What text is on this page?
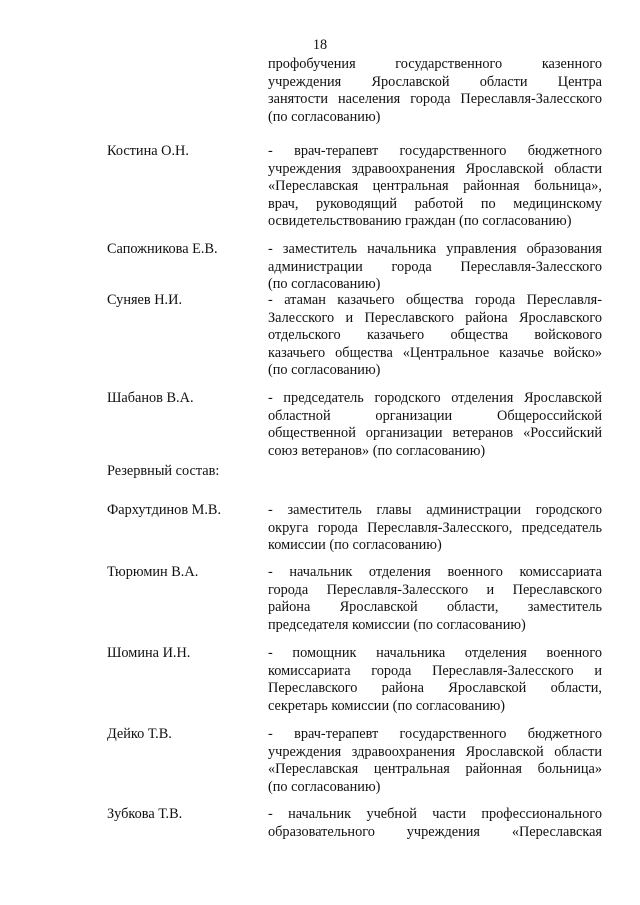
18
профобучения государственного казенного
учреждения Ярославской области Центра
занятости населения города Переславля-Залесского
(по согласованию)
Костина О.Н.	- врач-терапевт государственного бюджетного
учреждения здравоохранения Ярославской области
«Переславская центральная районная больница»,
врач, руководящий работой по медицинскому
освидетельствованию граждан (по согласованию)
Сапожникова Е.В.	- заместитель начальника управления образования
администрации города Переславля-Залесского
(по согласованию)
Суняев Н.И.	- атаман казачьего общества города Переславля-
Залесского и Переславского района Ярославского
отдельского казачьего общества войскового
казачьего общества «Центральное казачье войско»
(по согласованию)
Шабанов В.А.	- председатель городского отделения Ярославской
областной организации Общероссийской
общественной организации ветеранов «Российский
союз ветеранов» (по согласованию)
Резервный состав:
Фархутдинов М.В.	- заместитель главы администрации городского
округа города Переславля-Залесского, председатель
комиссии (по согласованию)
Тюрюмин В.А.	- начальник отделения военного комиссариата
города Переславля-Залесского и Переславского
района Ярославской области, заместитель
председателя комиссии (по согласованию)
Шомина И.Н.	- помощник начальника отделения военного
комиссариата города Переславля-Залесского и
Переславского района Ярославской области,
секретарь комиссии (по согласованию)
Дейко Т.В.	- врач-терапевт государственного бюджетного
учреждения здравоохранения Ярославской области
«Переславская центральная районная больница»
(по согласованию)
Зубкова Т.В.	- начальник учебной части профессионального
образовательного учреждения «Переславская
